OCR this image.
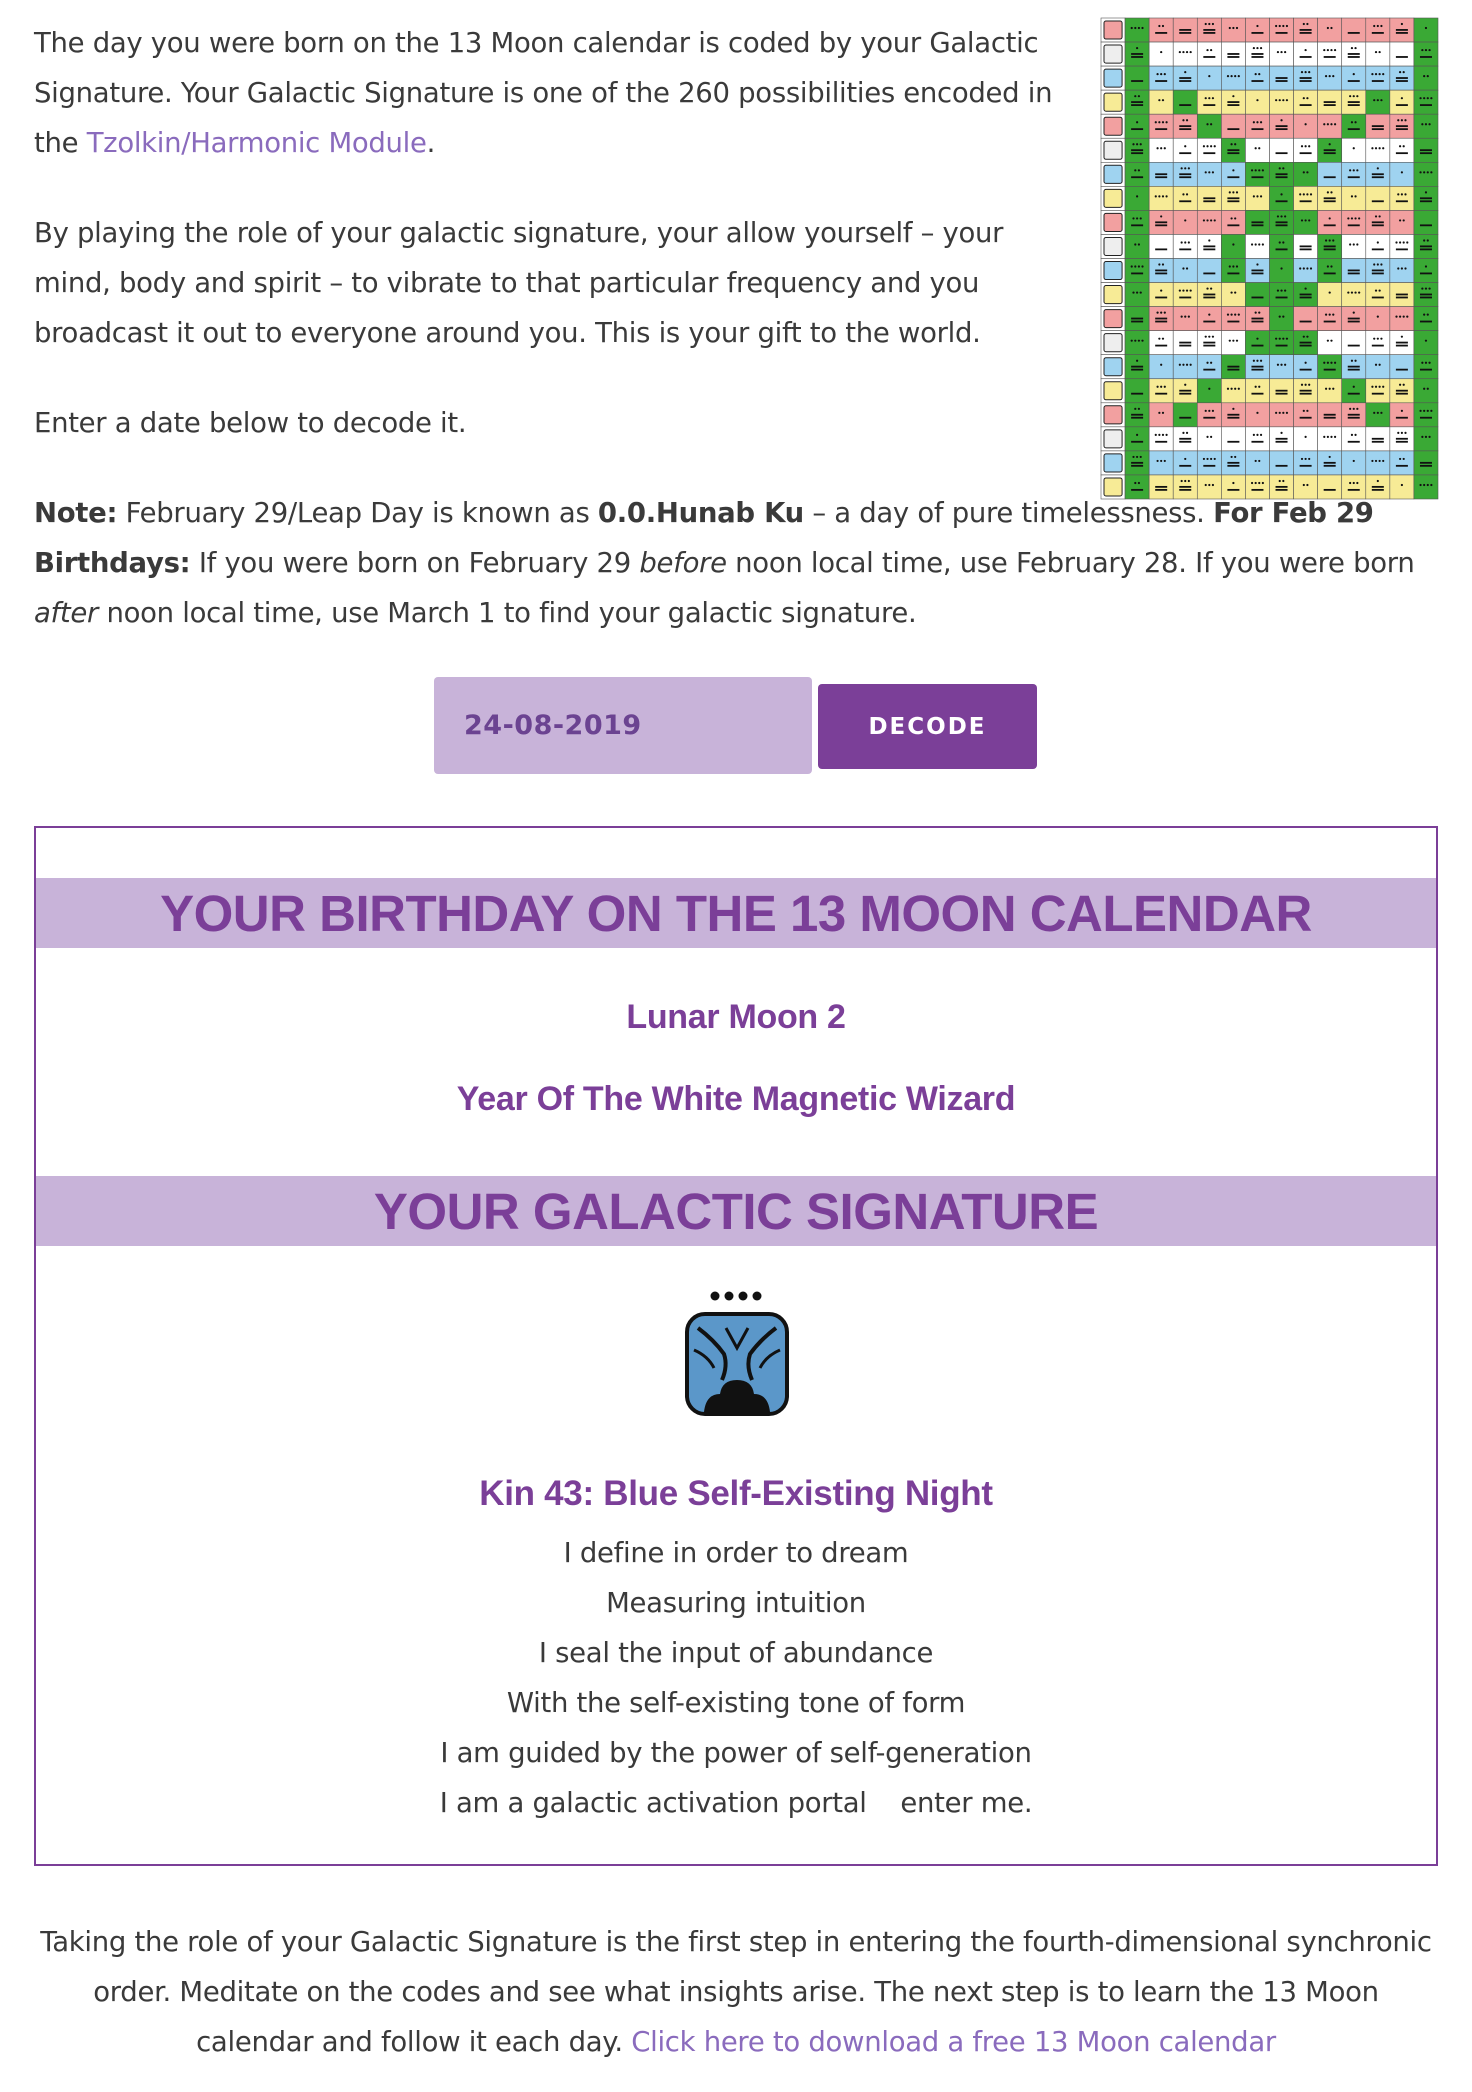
The day you were born on the 13 Moon calendar is coded by your Galactic Signature. Your Galactic Signature is one of the 260 possibilities encoded in the Tzolkin/Harmonic Module.

By playing the role of your galactic signature, your allow yourself – your mind, body and spirit – to vibrate to that particular frequency and you broadcast it out to everyone around you. This is your gift to the world.

Enter a date below to decode it.

Note: February 29/Leap Day is known as 0.0.Hunab Ku – a day of pure timelessness. For Feb 29 Birthdays: If you were born on February 29 before noon local time, use February 28. If you were born after noon local time, use March 1 to find your galactic signature.

24-08-2019
DECODE
YOUR BIRTHDAY ON THE 13 MOON CALENDAR
Lunar Moon 2
Year Of The White Magnetic Wizard
YOUR GALACTIC SIGNATURE
Kin 43: Blue Self-Existing Night
I define in order to dream
Measuring intuition
I seal the input of abundance
With the self-existing tone of form
I am guided by the power of self-generation
I am a galactic activation portal    enter me.

Taking the role of your Galactic Signature is the first step in entering the fourth-dimensional synchronic order. Meditate on the codes and see what insights arise. The next step is to learn the 13 Moon calendar and follow it each day. Click here to download a free 13 Moon calendar
